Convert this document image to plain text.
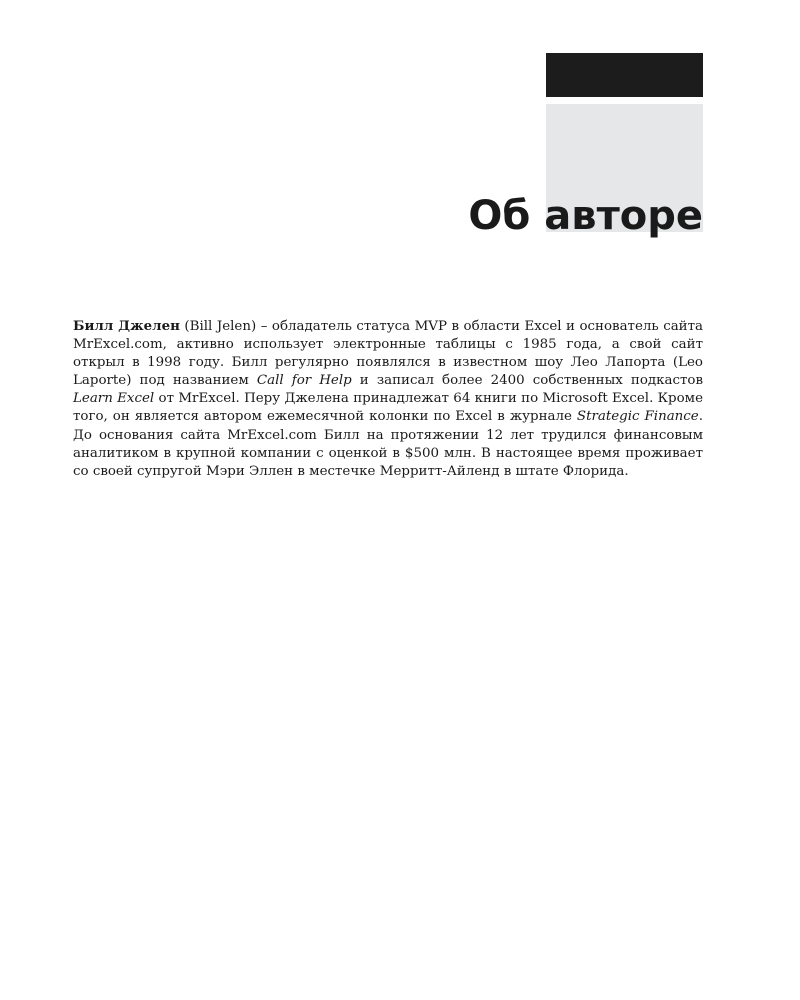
Об авторе

Билл Джелен (Bill Jelen) – обладатель статуса MVP в области Excel и основатель сайта MrExcel.com, активно использует электронные таблицы с 1985 года, а свой сайт открыл в 1998 году. Билл регулярно появлялся в известном шоу Лео Лапорта (Leo Laporte) под названием Call for Help и записал более 2400 собственных подкастов Learn Excel от MrExcel. Перу Джелена принадлежат 64 книги по Microsoft Excel. Кроме того, он является автором ежемесячной колонки по Excel в журнале Strategic Finance. До основания сайта MrExcel.com Билл на протяжении 12 лет трудился финансовым аналитиком в крупной компании с оценкой в $500 млн. В настоящее время проживает со своей супругой Мэри Эллен в местечке Мерритт-Айленд в штате Флорида.
